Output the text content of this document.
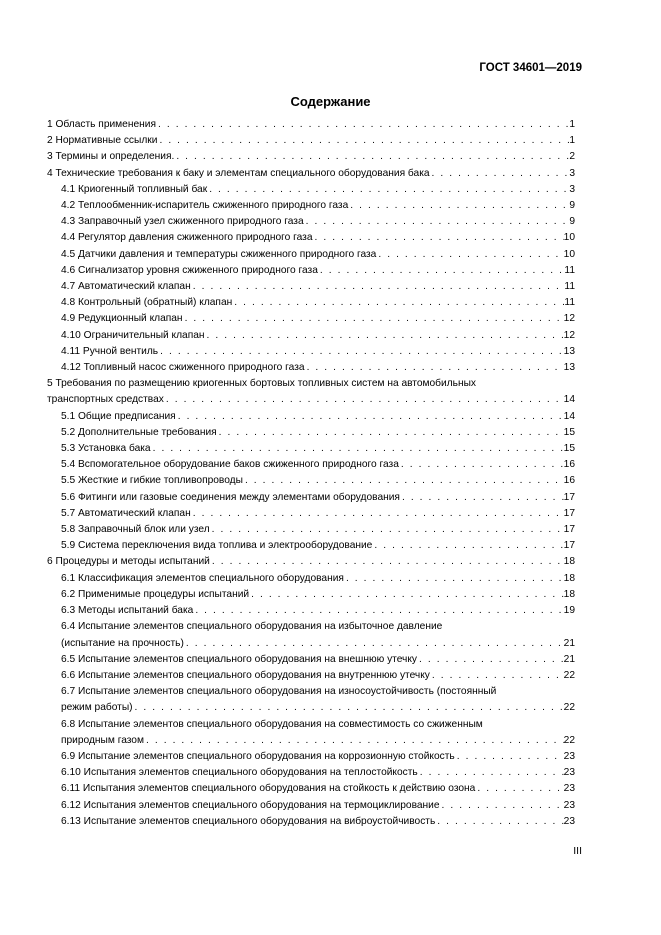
ГОСТ 34601—2019
Содержание
1 Область применения . . .	1
2 Нормативные ссылки . . .	1
3 Термины и определения. . . .	2
4 Технические требования к баку и элементам специального оборудования бака . . .	3
4.1 Криогенный топливный бак . . .	3
4.2 Теплообменник-испаритель сжиженного природного газа . . .	9
4.3 Заправочный узел сжиженного природного газа . . .	9
4.4 Регулятор давления сжиженного природного газа . . .	10
4.5 Датчики давления и температуры сжиженного природного газа . . .	10
4.6 Сигнализатор уровня сжиженного природного газа . . .	11
4.7 Автоматический клапан . . .	11
4.8 Контрольный (обратный) клапан . . .	11
4.9 Редукционный клапан . . .	12
4.10 Ограничительный клапан . . .	12
4.11 Ручной вентиль . . .	13
4.12 Топливный насос сжиженного природного газа . . .	13
5 Требования по размещению криогенных бортовых топливных систем на автомобильных
транспортных средствах . . .	14
5.1 Общие предписания . . .	14
5.2 Дополнительные требования . . .	15
5.3 Установка бака . . .	15
5.4 Вспомогательное оборудование баков сжиженного природного газа . . .	16
5.5 Жесткие и гибкие топливопроводы . . .	16
5.6 Фитинги или газовые соединения между элементами оборудования . . .	17
5.7 Автоматический клапан . . .	17
5.8 Заправочный блок или узел . . .	17
5.9 Система переключения вида топлива и электрооборудование . . .	17
6 Процедуры и методы испытаний . . .	18
6.1 Классификация элементов специального оборудования . . .	18
6.2 Применимые процедуры испытаний . . .	18
6.3 Методы испытаний бака . . .	19
6.4 Испытание элементов специального оборудования на избыточное давление
(испытание на прочность) . . .	21
6.5 Испытание элементов специального оборудования на внешнюю утечку . . .	21
6.6 Испытание элементов специального оборудования на внутреннюю утечку . . .	22
6.7 Испытание элементов специального оборудования на износоустойчивость (постоянный
режим работы) . . .	22
6.8 Испытание элементов специального оборудования на совместимость со сжиженным
природным газом . . .	22
6.9 Испытание элементов специального оборудования на коррозионную стойкость . . .	23
6.10 Испытания элементов специального оборудования на теплостойкость . . .	23
6.11 Испытания элементов специального оборудования на стойкость к действию озона . . .	23
6.12 Испытания элементов специального оборудования на термоциклирование . . .	23
6.13 Испытание элементов специального оборудования на виброустойчивость . . .	23
III
